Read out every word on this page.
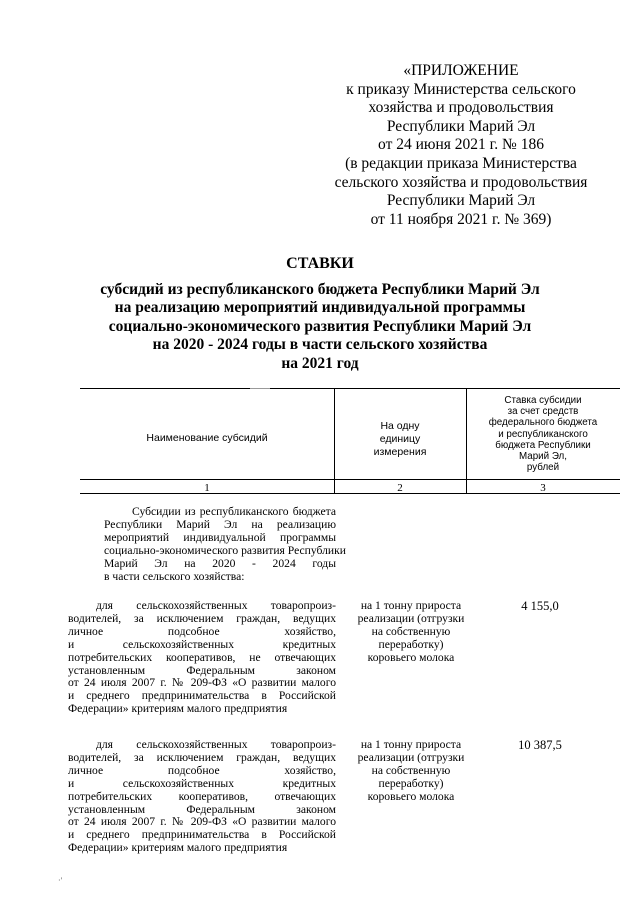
«ПРИЛОЖЕНИЕ
к приказу Министерства сельского
хозяйства и продовольствия
Республики Марий Эл
от 24 июня 2021 г. № 186
(в редакции приказа Министерства
сельского хозяйства и продовольствия
Республики Марий Эл
от 11 ноября 2021 г. № 369)
СТАВКИ
субсидий из республиканского бюджета Республики Марий Эл
на реализацию мероприятий индивидуальной программы
социально-экономического развития Республики Марий Эл
на 2020 - 2024 годы в части сельского хозяйства
на 2021 год
Наименование субсидий
На одну
единицу
измерения
Ставка субсидии
за счет средств
федерального бюджета
и республиканского
бюджета Республики
Марий Эл,
рублей
1	2	3
Субсидии из республиканского бюджета
Республики Марий Эл на реализацию
мероприятий индивидуальной программы
социально-экономического развития Республики
Марий Эл на 2020 - 2024 годы
в части сельского хозяйства:
для сельскохозяйственных товаропроиз-
водителей, за исключением граждан, ведущих
личное подсобное хозяйство,
и сельскохозяйственных кредитных
потребительских кооперативов, не отвечающих
установленным Федеральным законом
от 24 июля 2007 г. № 209-ФЗ «О развитии малого
и среднего предпринимательства в Российской
Федерации» критериям малого предприятия
на 1 тонну прироста
реализации (отгрузки
на собственную
переработку)
коровьего молока
4 155,0
для сельскохозяйственных товаропроиз-
водителей, за исключением граждан, ведущих
личное подсобное хозяйство,
и сельскохозяйственных кредитных
потребительских кооперативов, отвечающих
установленным Федеральным законом
от 24 июля 2007 г. № 209-ФЗ «О развитии малого
и среднего предпринимательства в Российской
Федерации» критериям малого предприятия
на 1 тонну прироста
реализации (отгрузки
на собственную
переработку)
коровьего молока
10 387,5
·′
